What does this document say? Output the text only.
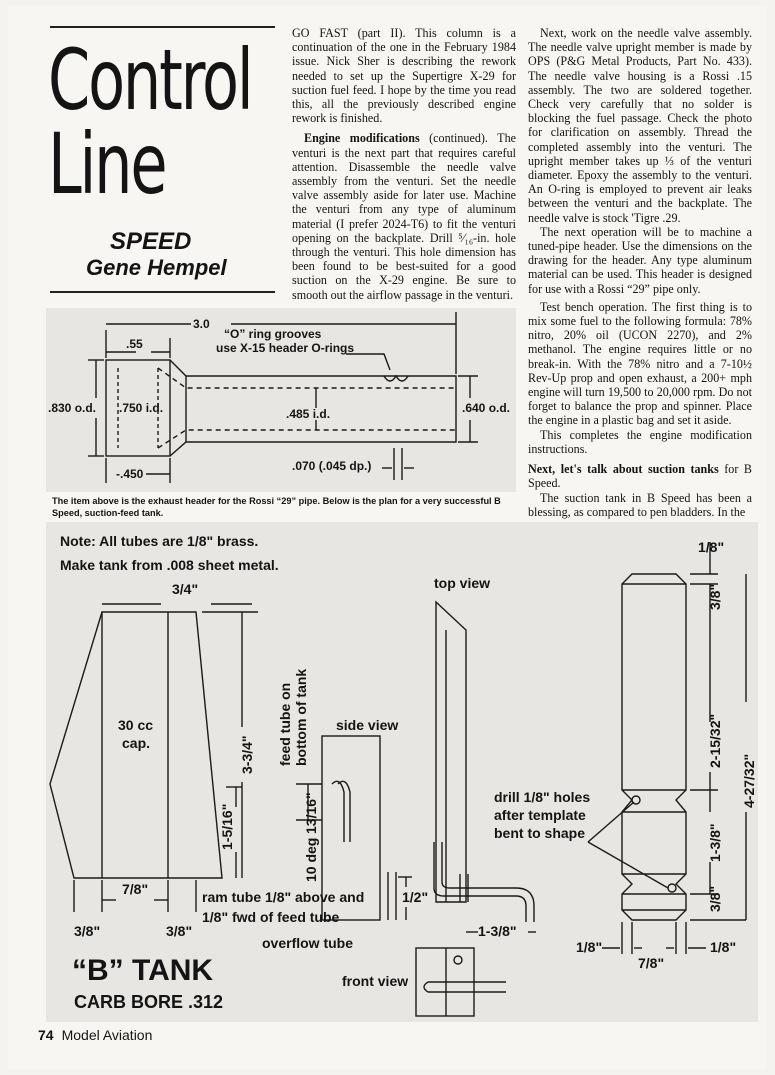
Control
Line
SPEED
Gene Hempel

GO FAST (part II). This column is a continuation of the one in the February 1984 issue. Nick Sher is describing the rework needed to set up the Supertigre X-29 for suction fuel feed. I hope by the time you read this, all the previously described engine rework is finished.

Engine modifications (continued). The venturi is the next part that requires careful attention. Disassemble the needle valve assembly from the venturi. Set the needle valve assembly aside for later use. Machine the venturi from any type of aluminum material (I prefer 2024-T6) to fit the venturi opening on the backplate. Drill ⁵⁄₁₆-in. hole through the venturi. This hole dimension has been found to be best-suited for a good suction on the X-29 engine. Be sure to smooth out the airflow passage in the venturi.

Next, work on the needle valve assembly. The needle valve upright member is made by OPS (P&G Metal Products, Part No. 433). The needle valve housing is a Rossi .15 assembly. The two are soldered together. Check very carefully that no solder is blocking the fuel passage. Check the photo for clarification on assembly. Thread the completed assembly into the venturi. The upright member takes up ⅓ of the venturi diameter. Epoxy the assembly to the venturi. An O-ring is employed to prevent air leaks between the venturi and the backplate. The needle valve is stock 'Tigre .29.

The next operation will be to machine a tuned-pipe header. Use the dimensions on the drawing for the header. Any type aluminum material can be used. This header is designed for use with a Rossi “29” pipe only.

Test bench operation. The first thing is to mix some fuel to the following formula: 78% nitro, 20% oil (UCON 2270), and 2% methanol. The engine requires little or no break-in. With the 78% nitro and a 7-10½ Rev-Up prop and open exhaust, a 200+ mph engine will turn 19,500 to 20,000 rpm. Do not forget to balance the prop and spinner. Place the engine in a plastic bag and set it aside.

This completes the engine modification instructions.

Next, let's talk about suction tanks for B Speed.

The suction tank in B Speed has been a blessing, as compared to pen bladders. In the

3.0
“O” ring grooves
use X-15 header O-rings
.55
.830 o.d. .750 i.d.	.485 i.d.	.640 o.d.
-.450
.070 (.045 dp.)
The item above is the exhaust header for the Rossi “29” pipe. Below is the plan for a very successful B Speed, suction-feed tank.
Note: All tubes are 1/8" brass.
Make tank from .008 sheet metal.
3/4"
30 cc
cap.	3-3/4"
1-5/16"
7/8"
3/8"	3/8"
feed tube on bottom of tank side view
13/16"
10 deg
ram tube 1/8" above and
1/8" fwd of feed tube
overflow tube
top view
1/2"
1-3/8"
drill 1/8" holes
after template
bent to shape
1/8"
3/8"
2-15/32"
4-27/32"
1-3/8"
3/8"
1/8"
7/8"
1/8"
front view
“B” TANK
CARB BORE .312
74 Model Aviation
